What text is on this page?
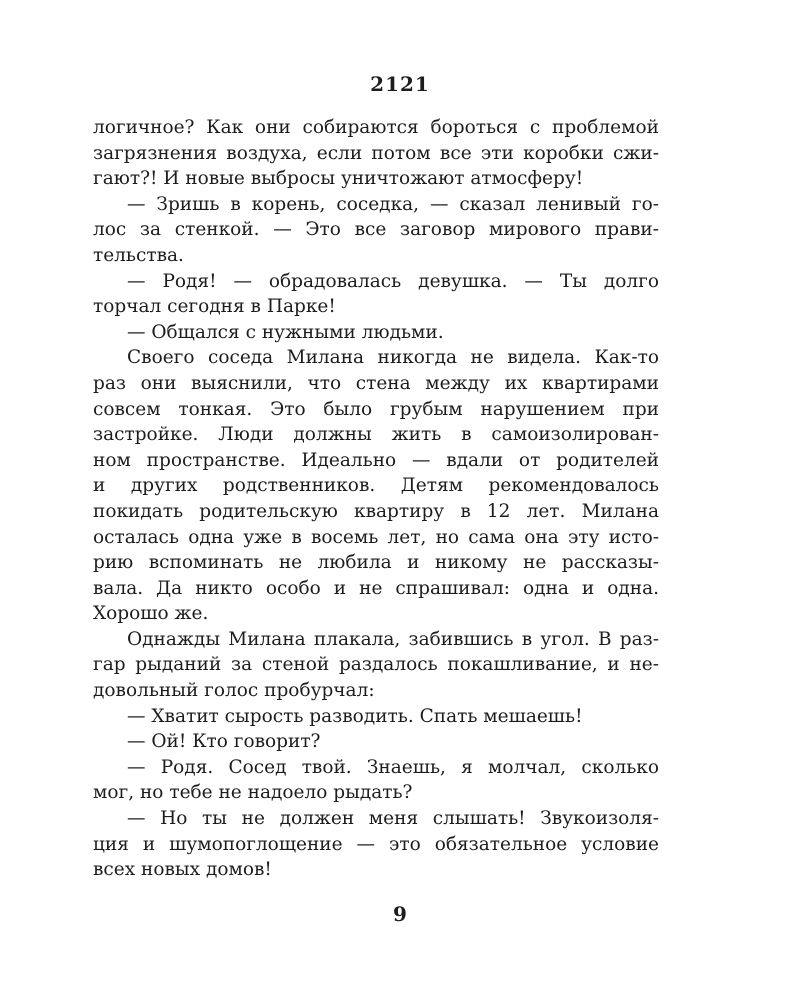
2121
логичное? Как они собираются бороться с проблемой
загрязнения воздуха, если потом все эти коробки сжи-
гают?! И новые выбросы уничтожают атмосферу!
— Зришь в корень, соседка, — сказал ленивый го-
лос за стенкой. — Это все заговор мирового прави-
тельства.
— Родя! — обрадовалась девушка. — Ты долго
торчал сегодня в Парке!
— Общался с нужными людьми.
Своего соседа Милана никогда не видела. Как-то
раз они выяснили, что стена между их квартирами
совсем тонкая. Это было грубым нарушением при
застройке. Люди должны жить в самоизолирован-
ном пространстве. Идеально — вдали от родителей
и других родственников. Детям рекомендовалось
покидать родительскую квартиру в 12 лет. Милана
осталась одна уже в восемь лет, но сама она эту исто-
рию вспоминать не любила и никому не рассказы-
вала. Да никто особо и не спрашивал: одна и одна.
Хорошо же.
Однажды Милана плакала, забившись в угол. В раз-
гар рыданий за стеной раздалось покашливание, и не-
довольный голос пробурчал:
— Хватит сырость разводить. Спать мешаешь!
— Ой! Кто говорит?
— Родя. Сосед твой. Знаешь, я молчал, сколько
мог, но тебе не надоело рыдать?
— Но ты не должен меня слышать! Звукоизоля-
ция и шумопоглощение — это обязательное условие
всех новых домов!
9
